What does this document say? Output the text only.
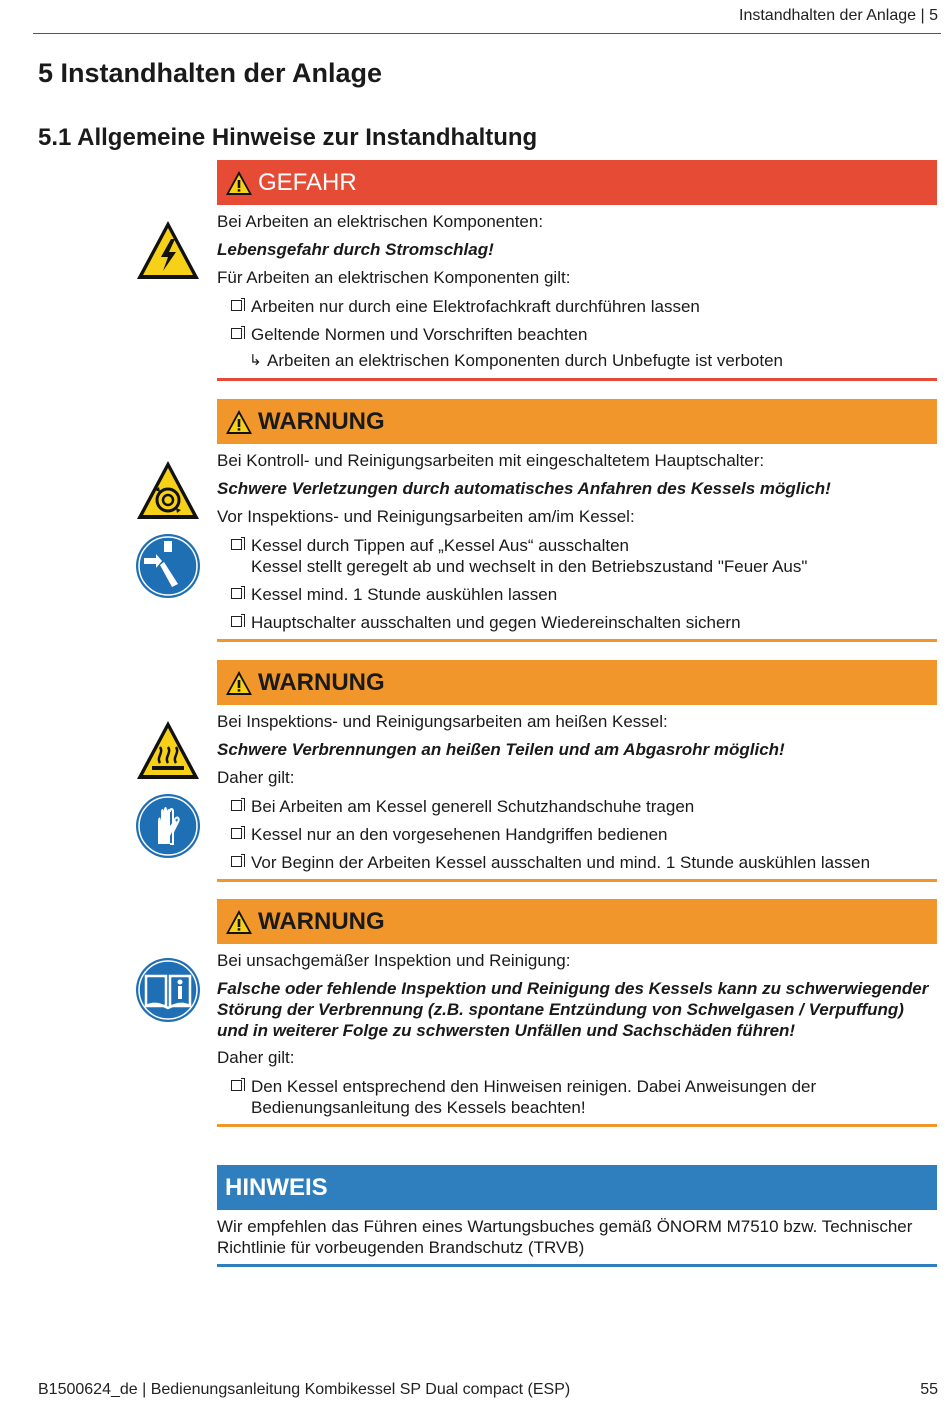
Instandhalten der Anlage | 5
5 Instandhalten der Anlage
5.1 Allgemeine Hinweise zur Instandhaltung
GEFAHR
Bei Arbeiten an elektrischen Komponenten:
Lebensgefahr durch Stromschlag!
Für Arbeiten an elektrischen Komponenten gilt:
Arbeiten nur durch eine Elektrofachkraft durchführen lassen
Geltende Normen und Vorschriften beachten
↳ Arbeiten an elektrischen Komponenten durch Unbefugte ist verboten
WARNUNG
Bei Kontroll- und Reinigungsarbeiten mit eingeschaltetem Hauptschalter:
Schwere Verletzungen durch automatisches Anfahren des Kessels möglich!
Vor Inspektions- und Reinigungsarbeiten am/im Kessel:
Kessel durch Tippen auf „Kessel Aus“ ausschalten
Kessel stellt geregelt ab und wechselt in den Betriebszustand "Feuer Aus"
Kessel mind. 1 Stunde auskühlen lassen
Hauptschalter ausschalten und gegen Wiedereinschalten sichern
WARNUNG
Bei Inspektions- und Reinigungsarbeiten am heißen Kessel:
Schwere Verbrennungen an heißen Teilen und am Abgasrohr möglich!
Daher gilt:
Bei Arbeiten am Kessel generell Schutzhandschuhe tragen
Kessel nur an den vorgesehenen Handgriffen bedienen
Vor Beginn der Arbeiten Kessel ausschalten und mind. 1 Stunde auskühlen lassen
WARNUNG
Bei unsachgemäßer Inspektion und Reinigung:
Falsche oder fehlende Inspektion und Reinigung des Kessels kann zu schwerwiegender Störung der Verbrennung (z.B. spontane Entzündung von Schwelgasen / Verpuffung) und in weiterer Folge zu schwersten Unfällen und Sachschäden führen!
Daher gilt:
Den Kessel entsprechend den Hinweisen reinigen. Dabei Anweisungen der Bedienungsanleitung des Kessels beachten!
HINWEIS
Wir empfehlen das Führen eines Wartungsbuches gemäß ÖNORM M7510 bzw. Technischer Richtlinie für vorbeugenden Brandschutz (TRVB)
B1500624_de | Bedienungsanleitung Kombikessel SP Dual compact (ESP)	55
